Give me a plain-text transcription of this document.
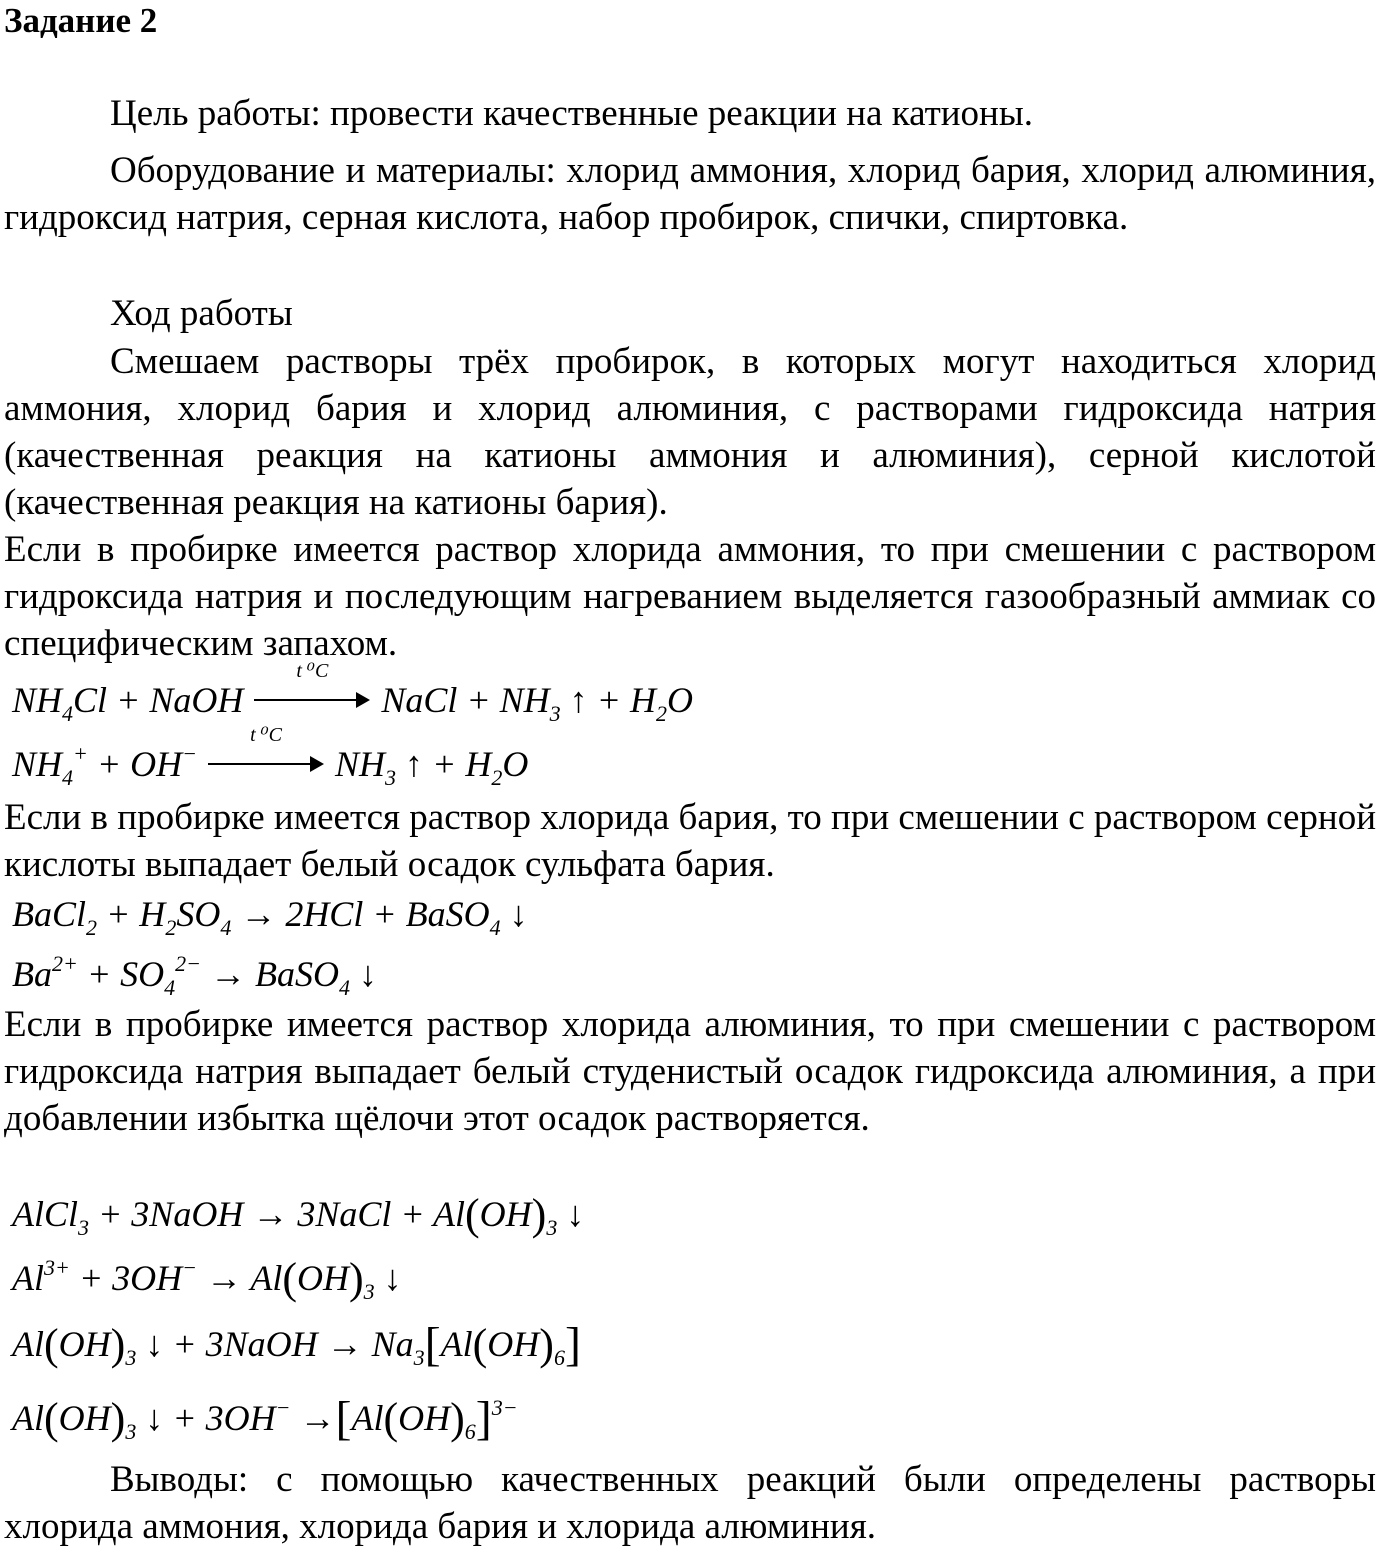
Задание 2
Цель работы: провести качественные реакции на катионы.
Оборудование и материалы: хлорид аммония, хлорид бария, хлорид алюминия, гидроксид натрия, серная кислота, набор пробирок, спички, спиртовка.
Ход работы
Смешаем растворы трёх пробирок, в которых могут находиться хлорид аммония, хлорид бария и хлорид алюминия, с растворами гидроксида натрия (качественная реакция на катионы аммония и алюминия), серной кислотой (качественная реакция на катионы бария).
Если в пробирке имеется раствор хлорида аммония, то при смешении с раствором гидроксида натрия и последующим нагреванием выделяется газообразный аммиак со специфическим запахом.
$NH_4Cl$ + NaOH
t ⁰C
NaCl + $NH_3$ ↑ + $H_2O$
$NH_4^+ + OH^-$
t ⁰C
$NH_3$ ↑ + $H_2O$
Если в пробирке имеется раствор хлорида бария, то при смешении с раствором серной кислоты выпадает белый осадок сульфата бария.
BaCl$_2$ + $H_2SO_4 \to 2HCl$ + BaSO$_4$ ↓
$Ba^{2+} + SO_4^{2-}$ → BaSO$_4$ ↓
Если в пробирке имеется раствор хлорида алюминия, то при смешении с раствором гидроксида натрия выпадает белый студенистый осадок гидроксида алюминия, а при добавлении избытка щёлочи этот осадок растворяется.
AlCl$_3$ + 3NaOH → 3NaCl + $Al(OH)_3$ ↓
$Al^{3+} + 3OH^- \to Al(OH)_3$ ↓
$Al(OH)_3$ ↓ + 3NaOH → $Na_3[Al(OH)_6]$
$Al(OH)_3$ ↓ + $3OH^- \to[Al(OH)_6]^{3-}$
Выводы: с помощью качественных реакций были определены растворы хлорида аммония, хлорида бария и хлорида алюминия.
